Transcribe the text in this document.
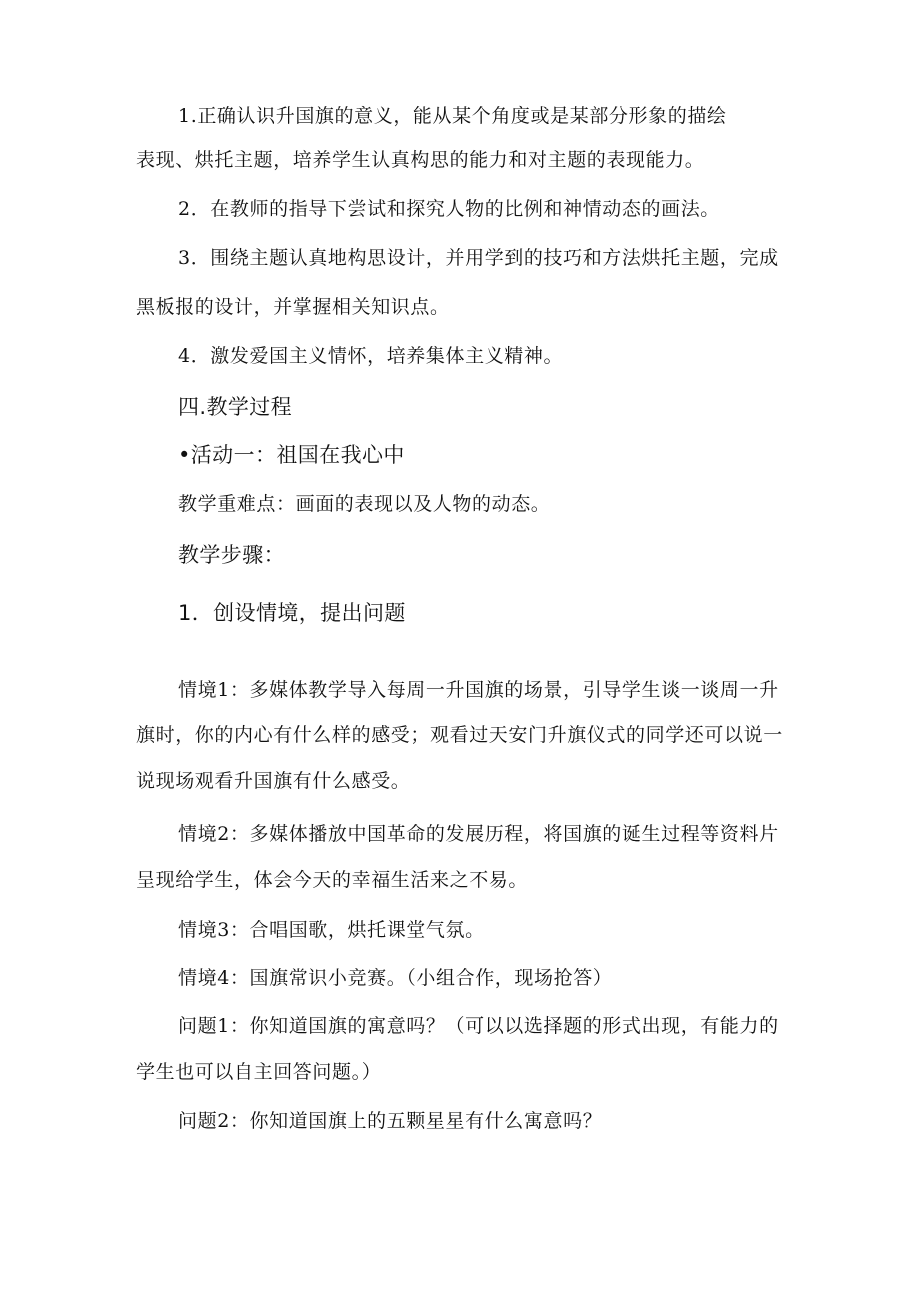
1.正确认识升国旗的意义，能从某个角度或是某部分形象的描绘
表现、烘托主题，培养学生认真构思的能力和对主题的表现能力。
2．在教师的指导下尝试和探究人物的比例和神情动态的画法。
3．围绕主题认真地构思设计，并用学到的技巧和方法烘托主题，完成
黑板报的设计，并掌握相关知识点。
4．激发爱国主义情怀，培养集体主义精神。
四.教学过程
•活动一：祖国在我心中
教学重难点：画面的表现以及人物的动态。
教学步骤：
1．创设情境，提出问题
情境1：多媒体教学导入每周一升国旗的场景，引导学生谈一谈周一升
旗时，你的内心有什么样的感受；观看过天安门升旗仪式的同学还可以说一
说现场观看升国旗有什么感受。
情境2：多媒体播放中国革命的发展历程，将国旗的诞生过程等资料片
呈现给学生，体会今天的幸福生活来之不易。
情境3：合唱国歌，烘托课堂气氛。
情境4：国旗常识小竞赛。（小组合作，现场抢答）
问题1：你知道国旗的寓意吗？（可以以选择题的形式出现，有能力的
学生也可以自主回答问题。）
问题2：你知道国旗上的五颗星星有什么寓意吗？
